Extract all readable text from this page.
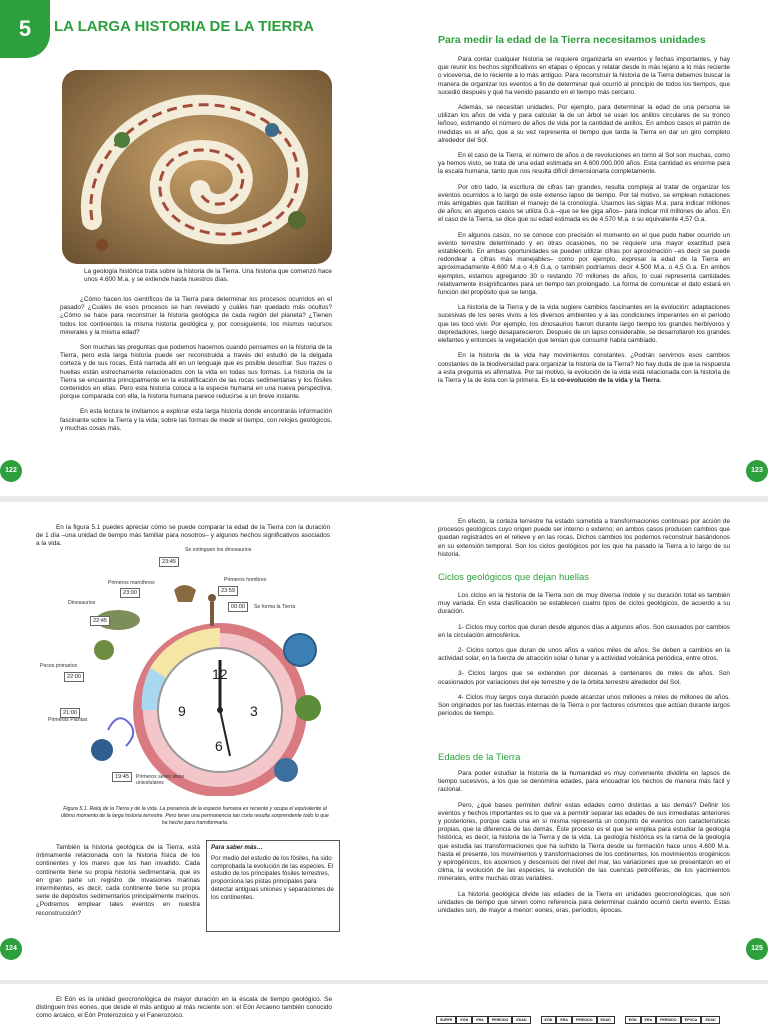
5	LA LARGA HISTORIA DE LA TIERRA

La geología histórica trata sobre la historia de la Tierra. Una historia que comenzó hace unos 4.600 M.a. y se extiende hasta nuestros días.

¿Cómo hacen los científicos de la Tierra para determinar los procesos ocurridos en el pasado? ¿Cuáles de esos procesos se han revelado y cuáles han quedado más ocultos? ¿Cómo se hace para reconstruir la historia geológica de cada región del planeta? ¿Tienen todos los continentes la misma historia geológica y, por consiguiente, los mismos recursos minerales y la misma edad?

Son muchas las preguntas que podemos hacernos cuando pensamos en la historia de la Tierra, pero esta larga historia puede ser reconstruida a través del estudio de la delgada corteza y de sus rocas. Está narrada allí en un lenguaje que es posible descifrar. Sus trazos o huellas están estrechamente relacionados con la vida en todas sus formas. La historia de la Tierra se encuentra principalmente en la estratificación de las rocas sedimentarias y los fósiles contenidos en ellas. Pero esta historia coloca a la especie humana en una nueva perspectiva, porque comparada con ella, la historia humana parece reducirse a un breve instante.

En esta lectura te invitamos a explorar esta larga historia donde encontrarás información fascinante sobre la Tierra y la vida; sobre las formas de medir el tiempo, con relojes geológicos, y muchas cosas más.

122
Para medir la edad de la Tierra necesitamos unidades

Para contar cualquier historia se requiere organizarla en eventos y fechas importantes, y hay que reunir los hechos significativos en etapas o épocas y relatar desde lo más lejano a lo más reciente o viceversa, de lo reciente a lo más antiguo. Para reconstruir la historia de la Tierra debemos buscar la manera de organizar los eventos a fin de determinar qué ocurrió al principio de todos los tiempos, que sucedió después y qué ha venido pasando en el tiempo más cercano.

Además, se necesitan unidades. Por ejemplo, para determinar la edad de una persona se utilizan los años de vida y para calcular la de un árbol se usan los anillos circulares de su tronco leñoso, estimando el número de años de vida por la cantidad de anillos. En ambos casos el patrón de medidas es el año, que a su vez representa el tiempo que tarda la Tierra en dar un giro completo alrededor del Sol.

En el caso de la Tierra, el número de años o de revoluciones en torno al Sol son muchas, como ya hemos visto, se trata de una edad estimada en 4.600.000.000 años. Esta cantidad es enorme para la escala humana, tanto que nos resulta difícil dimensionarla completamente.

Por otro lado, la escritura de cifras tan grandes, resulta compleja al tratar de organizar los eventos ocurridos a lo largo de este extenso lapso de tiempo. Por tal motivo, se emplean notaciones más amigables que facilitan el manejo de la cronología. Usamos las siglas M.a. para indicar millones de años; en algunos casos se utiliza G.a –que se lee giga años– para indicar mil millones de años. En el caso de la Tierra, se dice que su edad estimada es de 4.570 M.a. o su equivalente 4,57 G.a.

En algunos casos, no se conoce con precisión el momento en el que pudo haber ocurrido un evento terrestre determinado y en otras ocasiones, no se requiere una mayor exactitud para establecerlo. En ambas oportunidades se pueden utilizar cifras por aproximación –es decir se puede redondear a cifras más manejables– como por ejemplo, expresar la edad de la Tierra en aproximadamente 4.600 M.a o 4,6 G.a, o también podríamos decir 4.500 M.a. o 4,5 G.a. En ambos ejemplos, estamos agregando 30 o restando 70 millones de años, lo cual representa cantidades relativamente insignificantes para un tiempo tan prolongado. La forma de comunicar el dato estará en función del propósito que se tenga.

La historia de la Tierra y de la vida sugiere cambios fascinantes en la evolución: adaptaciones sucesivas de los seres vivos a los diversos ambientes y a las condiciones imperantes en el período que les tocó vivir. Por ejemplo, los dinosaurios fueron durante largo tiempo los grandes herbívoros y depredadores, luego desaparecieron. Después de un lapso considerable, se desarrollaron los grandes elefantes y entonces la vegetación que tenían que consumir había cambiado.

En la historia de la vida hay movimientos constantes. ¿Podrán servirnos esos cambios constantes de la biodiversidad para organizar la historia de la Tierra? No hay duda de que la respuesta a esta pregunta es afirmativa. Por tal motivo, la evolución de la vida está relacionada con la historia de la Tierra y la de ésta con la primera. Es la co-evolución de la vida y la Tierra.

123

En la figura 5.1 puedes apreciar cómo se puede comparar la edad de la Tierra con la duración de 1 día –una unidad de tiempo más familiar para nosotros– y algunos hechos significativos asociados a la vida.

Se extinguen los dinosaurios
23:45
Primeros mamíferos
23:00
Primeros hombres
23:59
00:00	Se forma la Tierra
Dinosaurios
22:45
Peces primarios
22:00
21:00
Primeras Plantas
19:45	Primeros seres vivos unicelulares
12
3
6
9
Figura 5.1. Reloj de la Tierra y de la vida. La presencia de la especie humana es reciente y ocupa el equivalente al último momento de la larga historia terrestre. Pero tener una permanencia tan corta resulta sorprendente todo lo que ha hecho para transformarla.

También la historia geológica de la Tierra, está íntimamente relacionada con la historia física de los continentes y los mares que los han invadido. Cada continente tiene su propia historia sedimentaria, que es en gran parte un registro de invasiones marinas intermitentes, es decir, cada continente tiene su propia serie de depósitos sedimentarios principalmente marinos. ¿Podremos emplear tales eventos en nuestra reconstrucción?

Para saber más…
Por medio del estudio de los fósiles, ha sido comprobada la evolución de las especies. El estudio de los principales fósiles terrestres, proporciona las pistas principales para detectar antiguas uniones y separaciones de los continentes.
124

En efecto, la corteza terrestre ha estado sometida a transformaciones continuas por acción de procesos geológicos cuyo origen puede ser interno o externo; en ambos casos producen cambios que quedan registrados en el relieve y en las rocas. Dichos cambios los podemos reconstruir basándonos en su extensión temporal. Son los ciclos geológicos por los que ha pasado la Tierra a lo largo de su historia.

Ciclos geológicos que dejan huellas

Los ciclos en la historia de la Tierra son de muy diversa índole y su duración total es también muy variada. En esta clasificación se establecen cuatro tipos de ciclos geológicos, de acuerdo a su duración.

1- Ciclos muy cortos que duran desde algunos días a algunos años. Son causados por cambios en la circulación atmosférica.

2- Ciclos cortos que duran de unos años a varios miles de años. Se deben a cambios en la actividad solar, en la fuerza de atracción solar o lunar y a actividad volcánica periódica, entre otros.

3- Ciclos largos que se extienden por decenas a centenares de miles de años. Son ocasionados por variaciones del eje terrestre y de la órbita terrestre alrededor del Sol.

4- Ciclos muy largos cuya duración puede alcanzar unos millones a miles de millones de años. Son originados por las fuerzas internas de la Tierra o por factores cósmicos que actúan durante largos períodos de tiempo.

Edades de la Tierra

Para poder estudiar la historia de la humanidad es muy conveniente dividirla en lapsos de tiempo sucesivos, a los que se denomina edades, para encuadrar los hechos de manera más fácil y racional.

Pero, ¿qué bases permiten definir estas edades como distintas a las demás? Definir los eventos y hechos importantes es lo que va a permitir separar las edades de sus inmediatas anteriores y posteriores, porque cada una en sí misma representa un conjunto de eventos con características propias, que la diferencia de las demás. Éste proceso es el que se emplea para estudiar la geología histórica, es decir, la historia de la Tierra y de la vida. La geología histórica es la rama de la geología que estudia las transformaciones que ha sufrido la Tierra desde su formación hace unos 4.600 M.a. hasta el presente, los movimientos y transformaciones de los continentes, los movimientos orogénicos y epirogénicos, los ascensos y descensos del nivel del mar, las variaciones que se presentaron en el clima, la evolución de las especies, la evolución de las cuencas petrolíferas, de los yacimientos minerales, entre muchas otras variables.

La historia geológica divide las edades de la Tierra en unidades geocronológicas, que son unidades de tiempo que sirven como referencia para determinar cuándo ocurrió cierto evento. Estas unidades son, de mayor a menor: eones, eras, períodos, épocas.

125

El Eón es la unidad geocronológica de mayor duración en la escala de tiempo geológico. Se distinguen tres eones, que desde el más antiguo al más reciente son: el Eón Arcaeno también conocido como arcaico, el Eón Proterozoico y el Fanerozoico.

SUPER	EÓN	ERA	PERÍODO	EDAD	EÓN	ERA	PERÍODO	EDAD	EÓN	ERA	PERÍODO	ÉPOCA	EDAD
